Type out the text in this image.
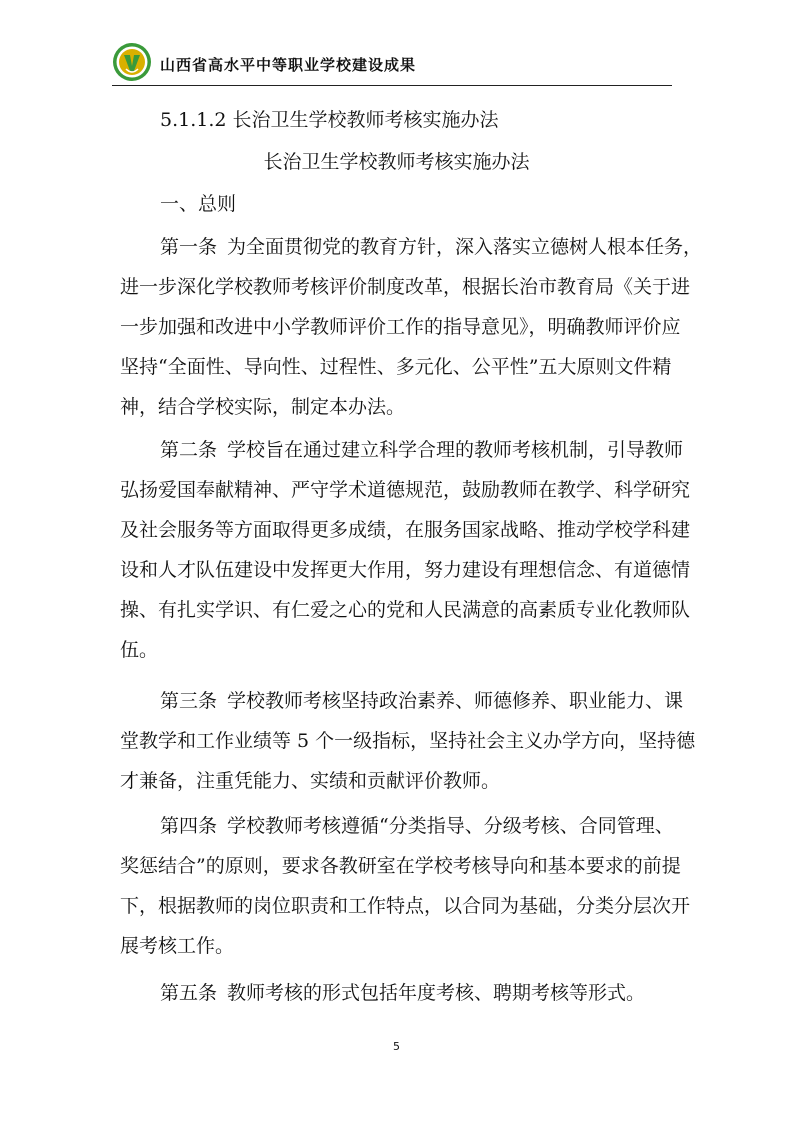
山西省高水平中等职业学校建设成果
5.1.1.2 长治卫生学校教师考核实施办法
长治卫生学校教师考核实施办法
一、总则
第一条 为全面贯彻党的教育方针，深入落实立德树人根本任务，
进一步深化学校教师考核评价制度改革，根据长治市教育局《关于进
一步加强和改进中小学教师评价工作的指导意见》，明确教师评价应
坚持“全面性、导向性、过程性、多元化、公平性”五大原则文件精
神，结合学校实际，制定本办法。
第二条 学校旨在通过建立科学合理的教师考核机制，引导教师
弘扬爱国奉献精神、严守学术道德规范，鼓励教师在教学、科学研究
及社会服务等方面取得更多成绩，在服务国家战略、推动学校学科建
设和人才队伍建设中发挥更大作用，努力建设有理想信念、有道德情
操、有扎实学识、有仁爱之心的党和人民满意的高素质专业化教师队
伍。
第三条 学校教师考核坚持政治素养、师德修养、职业能力、课
堂教学和工作业绩等 5 个一级指标，坚持社会主义办学方向，坚持德
才兼备，注重凭能力、实绩和贡献评价教师。
第四条 学校教师考核遵循“分类指导、分级考核、合同管理、
奖惩结合”的原则，要求各教研室在学校考核导向和基本要求的前提
下，根据教师的岗位职责和工作特点，以合同为基础，分类分层次开
展考核工作。
第五条 教师考核的形式包括年度考核、聘期考核等形式。
5
